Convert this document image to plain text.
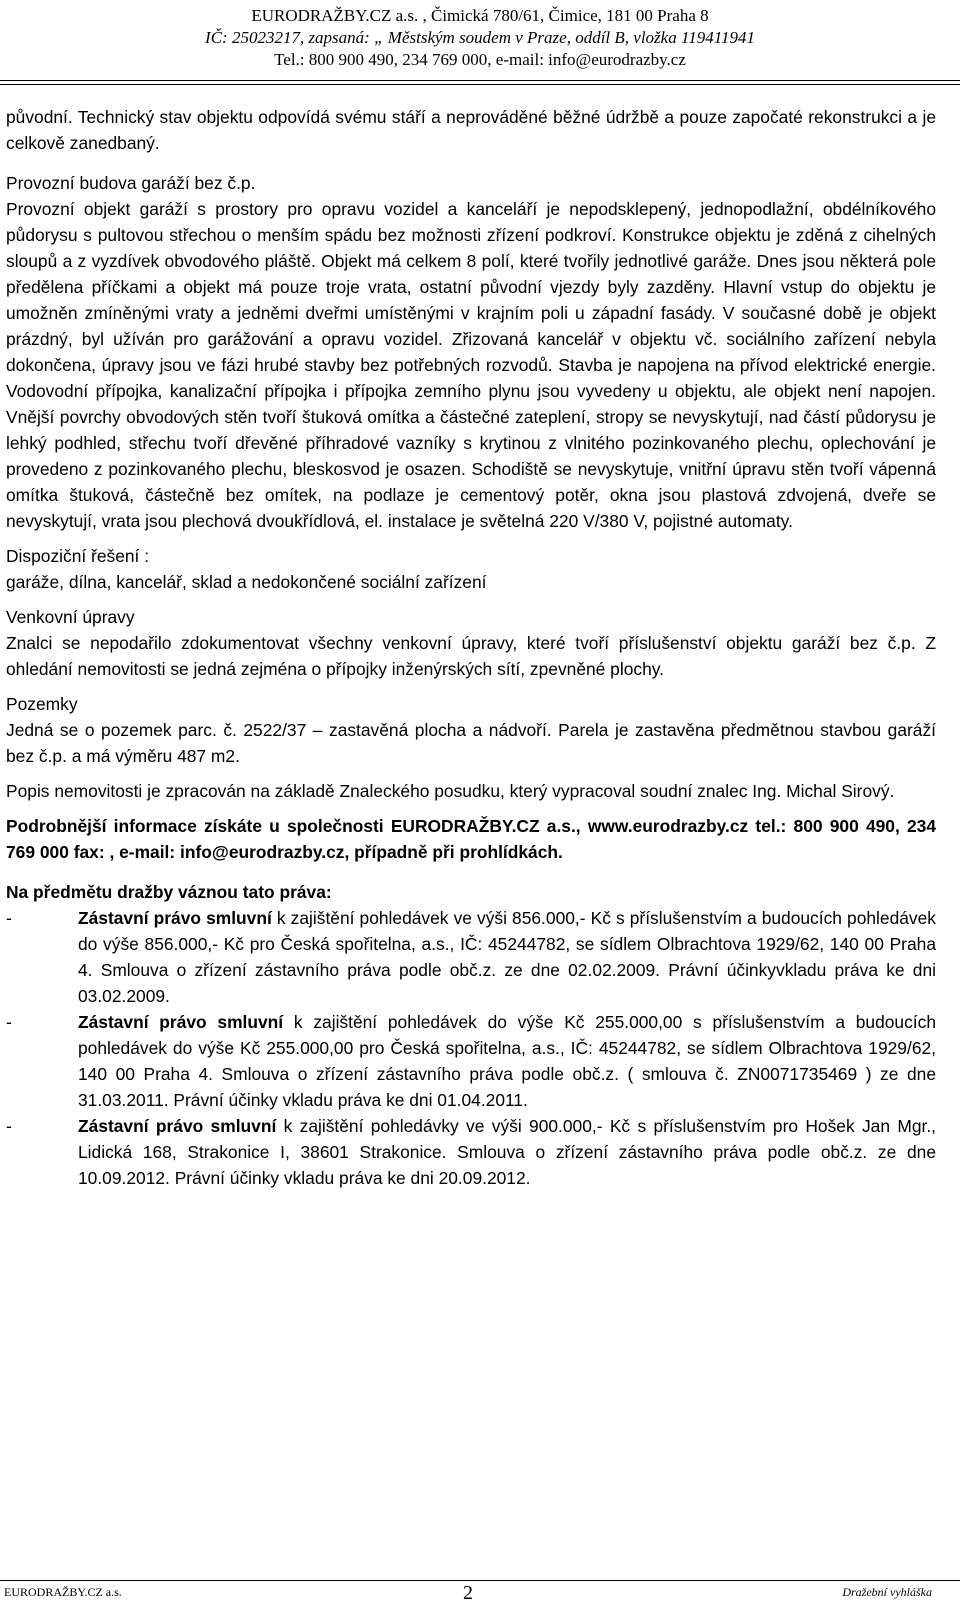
EURODRAŽBY.CZ a.s. , Čimická 780/61, Čimice, 181 00 Praha 8
IČ: 25023217, zapsaná: „ Městským soudem v Praze, oddíl B, vložka 119411941
Tel.: 800 900 490, 234 769 000, e-mail: info@eurodrazby.cz

původní. Technický stav objektu odpovídá svému stáří a neprováděné běžné údržbě a pouze započaté rekonstrukci a je celkově zanedbaný.

Provozní budova garáží bez č.p.

Provozní objekt garáží s prostory pro opravu vozidel a kanceláří je nepodsklepený, jednopodlažní, obdélníkového půdorysu s pultovou střechou o menším spádu bez možnosti zřízení podkroví. Konstrukce objektu je zděná z cihelných sloupů a z vyzdívek obvodového pláště. Objekt má celkem 8 polí, které tvořily jednotlivé garáže. Dnes jsou některá pole předělena příčkami a objekt má pouze troje vrata, ostatní původní vjezdy byly zazděny. Hlavní vstup do objektu je umožněn zmíněnými vraty a jedněmi dveřmi umístěnými v krajním poli u západní fasády. V současné době je objekt prázdný, byl užíván pro garážování a opravu vozidel. Zřizovaná kancelář v objektu vč. sociálního zařízení nebyla dokončena, úpravy jsou ve fázi hrubé stavby bez potřebných rozvodů. Stavba je napojena na přívod elektrické energie. Vodovodní přípojka, kanalizační přípojka i přípojka zemního plynu jsou vyvedeny u objektu, ale objekt není napojen. Vnější povrchy obvodových stěn tvoří štuková omítka a částečné zateplení, stropy se nevyskytují, nad částí půdorysu je lehký podhled, střechu tvoří dřevěné příhradové vazníky s krytinou z vlnitého pozinkovaného plechu, oplechování je provedeno z pozinkovaného plechu, bleskosvod je osazen. Schodiště se nevyskytuje, vnitřní úpravu stěn tvoří vápenná omítka štuková, částečně bez omítek, na podlaze je cementový potěr, okna jsou plastová zdvojená, dveře se nevyskytují, vrata jsou plechová dvoukřídlová, el. instalace je světelná 220 V/380 V, pojistné automaty.

Dispoziční řešení :

garáže, dílna, kancelář, sklad a nedokončené sociální zařízení

Venkovní úpravy

Znalci se nepodařilo zdokumentovat všechny venkovní úpravy, které tvoří příslušenství objektu garáží bez č.p. Z ohledání nemovitosti se jedná zejména o přípojky inženýrských sítí, zpevněné plochy.

Pozemky

Jedná se o pozemek parc. č. 2522/37 – zastavěná plocha a nádvoří. Parela je zastavěna předmětnou stavbou garáží bez č.p. a má výměru 487 m2.

Popis nemovitosti je zpracován na základě Znaleckého posudku, který vypracoval soudní znalec Ing. Michal Sirový.

Podrobnější informace získáte u společnosti EURODRAŽBY.CZ a.s., www.eurodrazby.cz tel.: 800 900 490, 234 769 000 fax: , e-mail: info@eurodrazby.cz, případně při prohlídkách.

Na předmětu dražby váznou tato práva:

-	Zástavní právo smluvní k zajištění pohledávek ve výši 856.000,- Kč s příslušenstvím a budoucích pohledávek do výše 856.000,- Kč pro Česká spořitelna, a.s., IČ: 45244782, se sídlem Olbrachtova 1929/62, 140 00 Praha 4. Smlouva o zřízení zástavního práva podle obč.z. ze dne 02.02.2009. Právní účinkyvkladu práva ke dni 03.02.2009.
-	Zástavní právo smluvní k zajištění pohledávek do výše Kč 255.000,00 s příslušenstvím a budoucích pohledávek do výše Kč 255.000,00 pro Česká spořitelna, a.s., IČ: 45244782, se sídlem Olbrachtova 1929/62, 140 00 Praha 4. Smlouva o zřízení zástavního práva podle obč.z. ( smlouva č. ZN0071735469 ) ze dne 31.03.2011. Právní účinky vkladu práva ke dni 01.04.2011.
-	Zástavní právo smluvní k zajištění pohledávky ve výši 900.000,- Kč s příslušenstvím pro Hošek Jan Mgr., Lidická 168, Strakonice I, 38601 Strakonice. Smlouva o zřízení zástavního práva podle obč.z. ze dne 10.09.2012. Právní účinky vkladu práva ke dni 20.09.2012.
EURODRAŽBY.CZ a.s.	2	Dražební vyhláška
